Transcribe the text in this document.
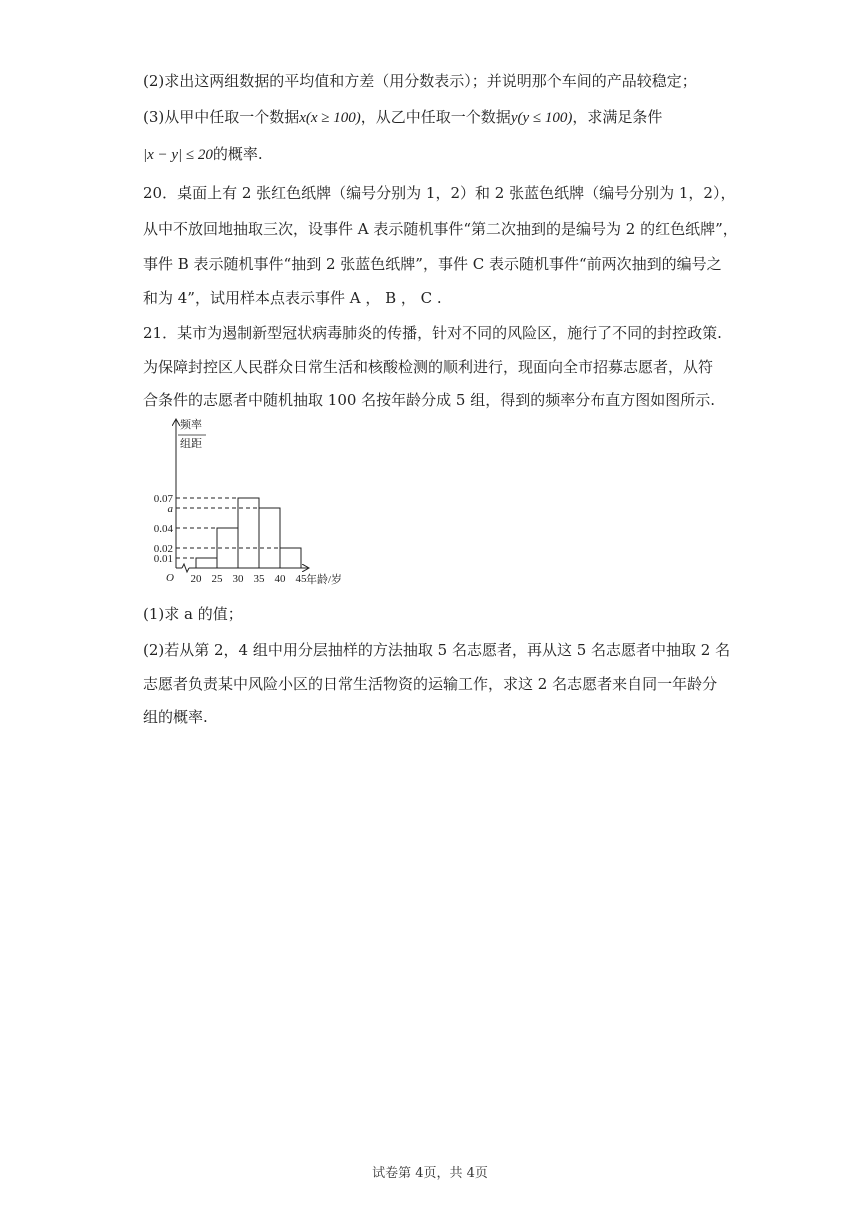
(2)求出这两组数据的平均值和方差（用分数表示）；并说明那个车间的产品较稳定；
(3)从甲中任取一个数据x(x ≥ 100)，从乙中任取一个数据y(y ≤ 100)，求满足条件
|x − y| ≤ 20的概率.
20．桌面上有 2 张红色纸牌（编号分别为 1，2）和 2 张蓝色纸牌（编号分别为 1，2），
从中不放回地抽取三次，设事件 A 表示随机事件“第二次抽到的是编号为 2 的红色纸牌”，
事件 B 表示随机事件“抽到 2 张蓝色纸牌”，事件 C 表示随机事件“前两次抽到的编号之
和为 4”，试用样本点表示事件 A ， B ， C .
21．某市为遏制新型冠状病毒肺炎的传播，针对不同的风险区，施行了不同的封控政策.
为保障封控区人民群众日常生活和核酸检测的顺利进行，现面向全市招募志愿者，从符
合条件的志愿者中随机抽取 100 名按年龄分成 5 组，得到的频率分布直方图如图所示.
频率
组距
年龄/岁
O
0.01
0.02
0.04
a
0.07
20 25 30 35 40 45
(1)求 a 的值；
(2)若从第 2，4 组中用分层抽样的方法抽取 5 名志愿者，再从这 5 名志愿者中抽取 2 名
志愿者负责某中风险小区的日常生活物资的运输工作，求这 2 名志愿者来自同一年龄分
组的概率.
试卷第 4页，共 4页
